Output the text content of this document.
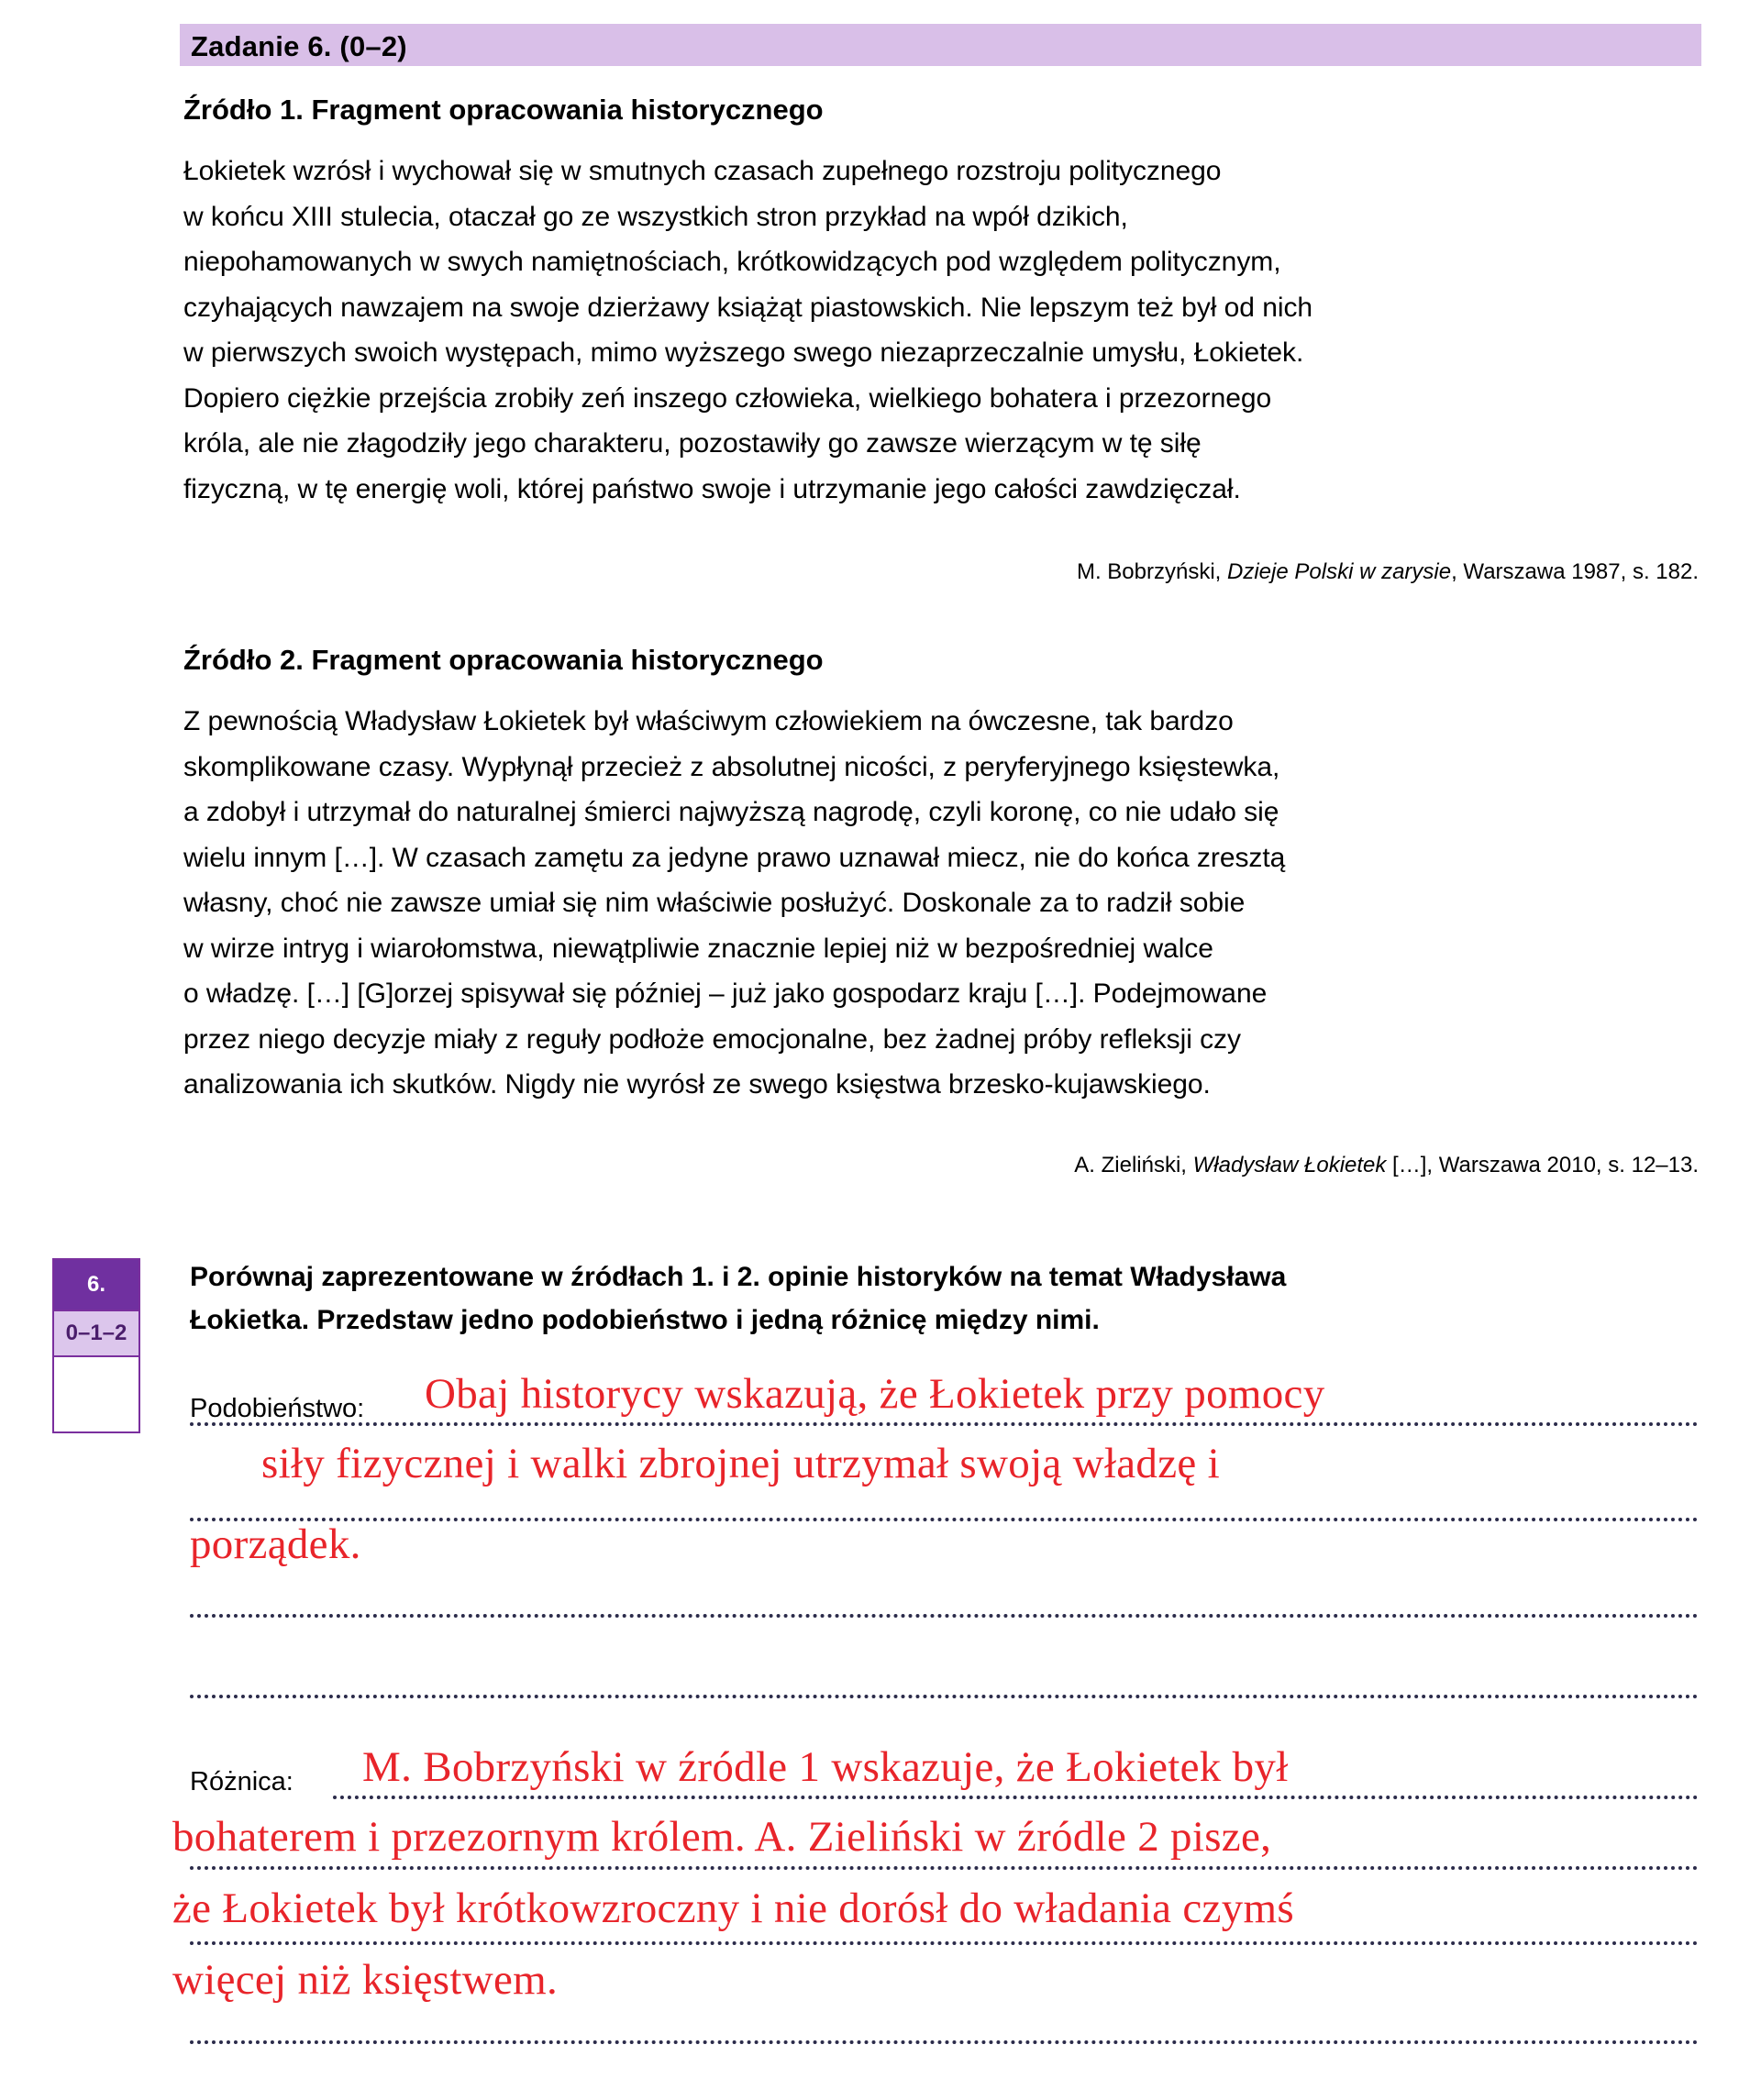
Zadanie 6. (0–2)
Źródło 1. Fragment opracowania historycznego

Łokietek wzrósł i wychował się w smutnych czasach zupełnego rozstroju politycznego

w końcu XIII stulecia, otaczał go ze wszystkich stron przykład na wpół dzikich,

niepohamowanych w swych namiętnościach, krótkowidzących pod względem politycznym,

czyhających nawzajem na swoje dzierżawy książąt piastowskich. Nie lepszym też był od nich

w pierwszych swoich występach, mimo wyższego swego niezaprzeczalnie umysłu, Łokietek.

Dopiero ciężkie przejścia zrobiły zeń inszego człowieka, wielkiego bohatera i przezornego

króla, ale nie złagodziły jego charakteru, pozostawiły go zawsze wierzącym w tę siłę

fizyczną, w tę energię woli, której państwo swoje i utrzymanie jego całości zawdzięczał.

M. Bobrzyński, Dzieje Polski w zarysie, Warszawa 1987, s. 182.
Źródło 2. Fragment opracowania historycznego

Z pewnością Władysław Łokietek był właściwym człowiekiem na ówczesne, tak bardzo

skomplikowane czasy. Wypłynął przecież z absolutnej nicości, z peryferyjnego księstewka,

a zdobył i utrzymał do naturalnej śmierci najwyższą nagrodę, czyli koronę, co nie udało się

wielu innym […]. W czasach zamętu za jedyne prawo uznawał miecz, nie do końca zresztą

własny, choć nie zawsze umiał się nim właściwie posłużyć. Doskonale za to radził sobie

w wirze intryg i wiarołomstwa, niewątpliwie znacznie lepiej niż w bezpośredniej walce

o władzę. […] [G]orzej spisywał się później – już jako gospodarz kraju […]. Podejmowane

przez niego decyzje miały z reguły podłoże emocjonalne, bez żadnej próby refleksji czy

analizowania ich skutków. Nigdy nie wyrósł ze swego księstwa brzesko-kujawskiego.

A. Zieliński, Władysław Łokietek […], Warszawa 2010, s. 12–13.
6.
0–1–2
Porównaj zaprezentowane w źródłach 1. i 2. opinie historyków na temat Władysława
Łokietka. Przedstaw jedno podobieństwo i jedną różnicę między nimi.
Podobieństwo: Obaj historycy wskazują, że Łokietek przy pomocy
siły fizycznej i walki zbrojnej utrzymał swoją władzę i
porządek.
Różnica: M. Bobrzyński w źródle 1 wskazuje, że Łokietek był
bohaterem i przezornym królem. A. Zieliński w źródle 2 pisze,
że Łokietek był krótkowzroczny i nie dorósł do władania czymś
więcej niż księstwem.
